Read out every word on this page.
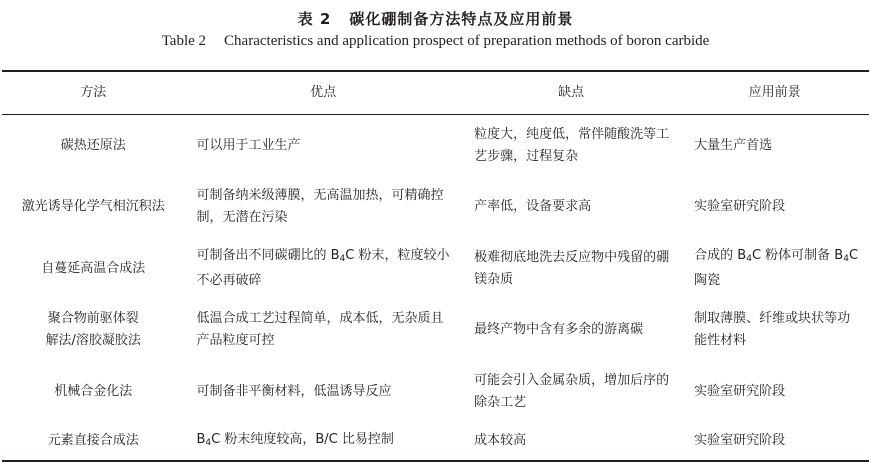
表 2 碳化硼制备方法特点及应用前景
Table 2 Characteristics and application prospect of preparation methods of boron carbide
方法	优点	缺点	应用前景

碳热还原法	可以用于工业生产	粒度大，纯度低，常伴随酸洗等工艺步骤，过程复杂	大量生产首选

激光诱导化学气相沉积法	可制备纳米级薄膜，无高温加热，可精确控制，无潜在污染	产率低，设备要求高	实验室研究阶段

自蔓延高温合成法	可制备出不同碳硼比的 $B_4C$ 粉末，粒度较小不必再破碎	极难彻底地洗去反应物中残留的硼镁杂质	合成的 $B_4C$ 粉体可制备 $B_4C$ 陶瓷

聚合物前驱体裂
解法/溶胶凝胶法	低温合成工艺过程简单，成本低，无杂质且产品粒度可控	最终产物中含有多余的游离碳	制取薄膜、纤维或块状等功能性材料

机械合金化法	可制备非平衡材料，低温诱导反应	可能会引入金属杂质，增加后序的除杂工艺	实验室研究阶段

元素直接合成法	$B_4C$ 粉末纯度较高，B/C 比易控制	成本较高	实验室研究阶段
